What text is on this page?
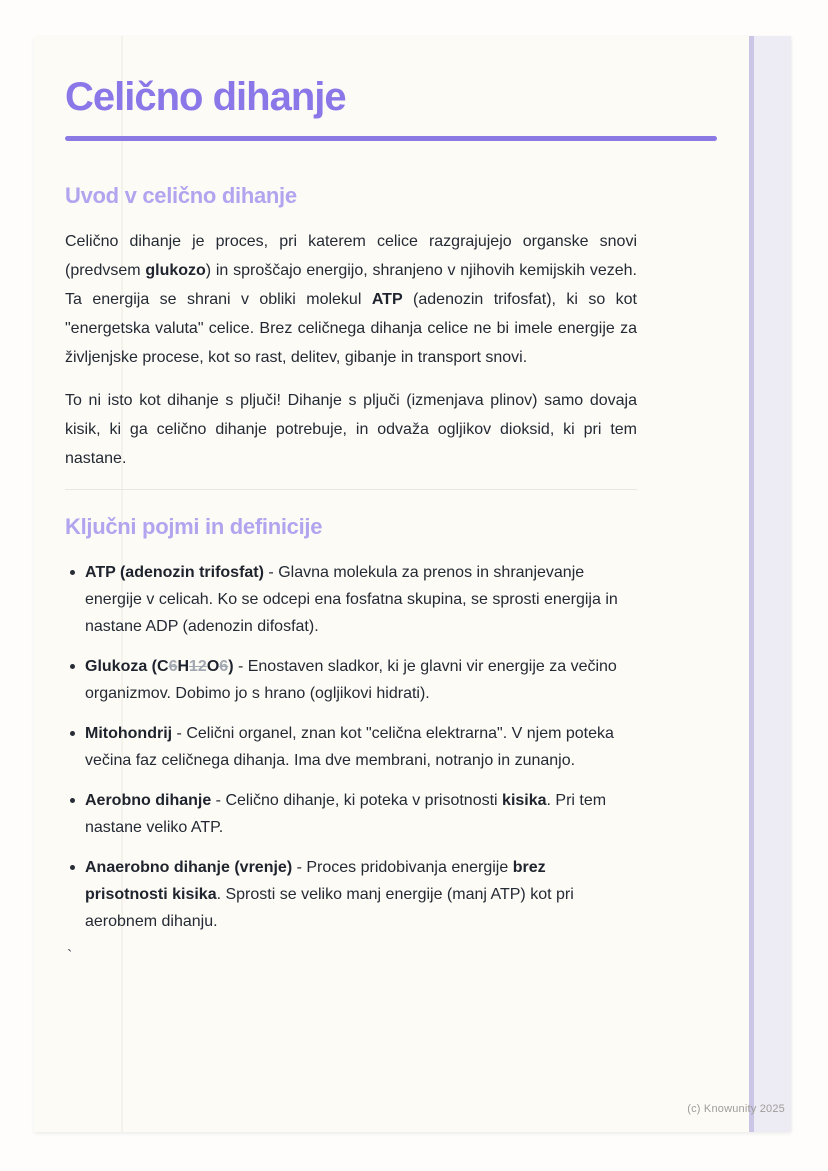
Celično dihanje
Uvod v celično dihanje

Celično dihanje je proces, pri katerem celice razgrajujejo organske snovi (predvsem glukozo) in sproščajo energijo, shranjeno v njihovih kemijskih vezeh. Ta energija se shrani v obliki molekul ATP (adenozin trifosfat), ki so kot "energetska valuta" celice. Brez celičnega dihanja celice ne bi imele energije za življenjske procese, kot so rast, delitev, gibanje in transport snovi.

To ni isto kot dihanje s pljuči! Dihanje s pljuči (izmenjava plinov) samo dovaja kisik, ki ga celično dihanje potrebuje, in odvaža ogljikov dioksid, ki pri tem nastane.

Ključni pojmi in definicije
ATP (adenozin trifosfat) - Glavna molekula za prenos in shranjevanje energije v celicah. Ko se odcepi ena fosfatna skupina, se sprosti energija in nastane ADP (adenozin difosfat).
Glukoza (C6H12O6) - Enostaven sladkor, ki je glavni vir energije za večino organizmov. Dobimo jo s hrano (ogljikovi hidrati).
Mitohondrij - Celični organel, znan kot "celična elektrarna". V njem poteka večina faz celičnega dihanja. Ima dve membrani, notranjo in zunanjo.
Aerobno dihanje - Celično dihanje, ki poteka v prisotnosti kisika. Pri tem nastane veliko ATP.
Anaerobno dihanje (vrenje) - Proces pridobivanja energije brez prisotnosti kisika. Sprosti se veliko manj energije (manj ATP) kot pri aerobnem dihanju.

`

(c) Knowunity 2025
